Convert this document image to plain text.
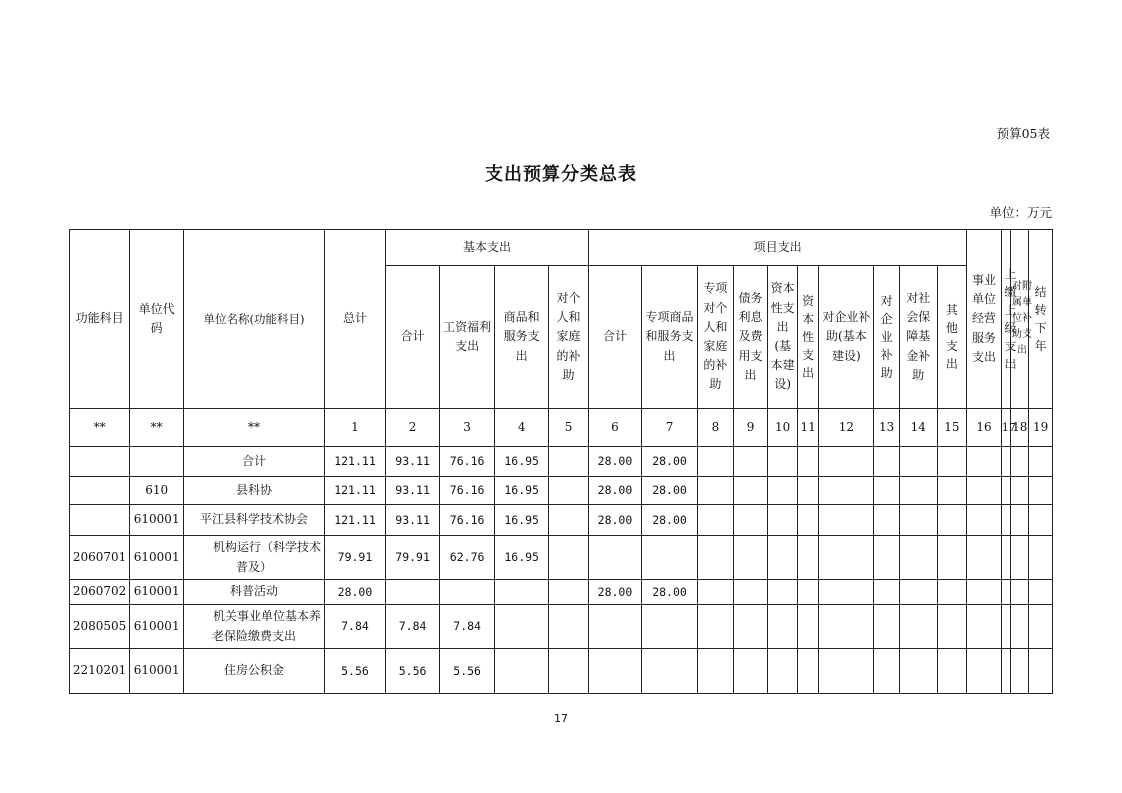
预算05表
支出预算分类总表
单位：万元
功能科目	单位代码	单位名称(功能科目)	总计	基本支出				项目支出										事业单位经营服务支出	上缴上级支出	对附属单位补助支出	结转下年

				合计	工资福利支出	商品和服务支出	对个人和家庭的补助	合计	专项商品和服务支出	专项对个人和家庭的补助	债务利息及费用支出	资本性支出(基本建设)	资本性支出	对企业补助(基本建设)	对企业补助	对社会保障基金补助	其他支出				

**	**	**	1	2	3	4	5	6	7	8	9	10	11	12	13	14	15	16	17	18	19
		合计	121.11	93.11	76.16	16.95		28.00	28.00												
	610	县科协	121.11	93.11	76.16	16.95		28.00	28.00												
	610001	平江县科学技术协会	121.11	93.11	76.16	16.95		28.00	28.00												
2060701	610001	机构运行（科学技术普及）	79.91	79.91	62.76	16.95															
2060702	610001	科普活动	28.00					28.00	28.00												
2080505	610001	机关事业单位基本养老保险缴费支出	7.84	7.84	7.84																
2210201	610001	住房公积金	5.56	5.56	5.56																
17
